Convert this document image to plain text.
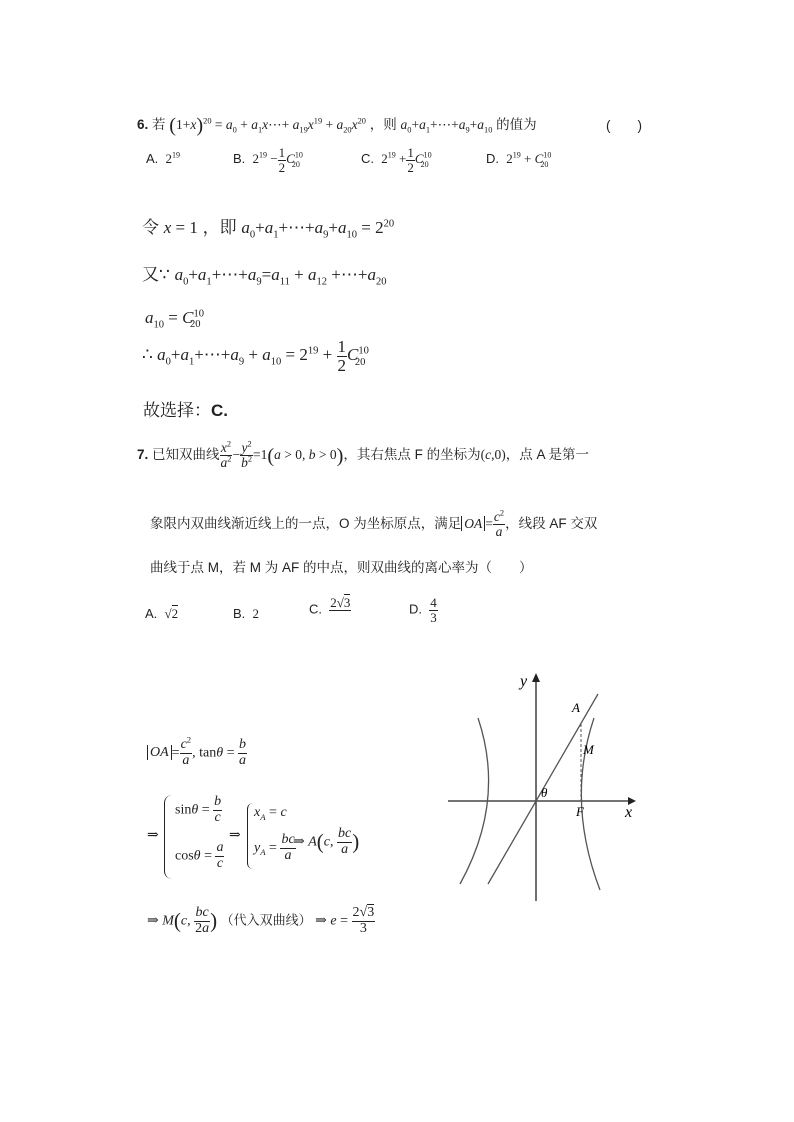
6. 若 $(1+x)^{20} = a_0$ + $a_1x\cdots+ a_{19}x^{19} + a_{20}x^{20}$ ，则 $a_0+a_1+\cdots+a_9+a_{10}$ 的值为	(　　)
A. $2^{19}$	B. $2^{19} - \frac{1}{2} C^{10}_{20}$	C. $2^{19} + \frac{1}{2} C^{10}_{20}$	D. $2^{19} + C^{10}_{20}$
令 x = 1 ，即 $a_0+a_1+\cdots+a_9+a_{10} = 2^{20}$
又∵ $a_0+a_1+\cdots+a_9=a_{11} + a_{12}$ $+\cdots+a_{20}$
$a_{10} = C^{10}_{20}$
∴ $a_0+a_1+\cdots+a_9 + a_{10} = 2^{19} + \frac{1}{2} C^{10}_{20}$
故选择：C.
7. 已知双曲线 $\frac{x^2}{a^2} - \frac{y^2}{b^2} =1(a > 0$, b > 0)，其右焦点 F 的坐标为(c,0)，点 A 是第一
象限内双曲线渐近线上的一点，O 为坐标原点，满足 OA = $\frac{c^2}{a}$ ，线段 AF 交双
曲线于点 M，若 M 为 AF 的中点，则双曲线的离心率为（　　）
A. √2	B. 2	C. 2√3
	D. $\frac{4}{3}$
OA = $\frac{c^2}{a}$ , $\tan\theta = \frac{b}{a}$
⇒
$\sin\theta = \frac{b}{c}$
$\cos\theta = \frac{a}{c}$
⇒
$x_A = c$
$y_A = \frac{bc}{a}$
⇒ A(c, $\frac{bc}{a}$ )
⇒ M(c, $\frac{bc}{2a}$ ) （代入双曲线） ⇒ $e = \frac{2√3}{3}$
y
x
A
M
F
θ
